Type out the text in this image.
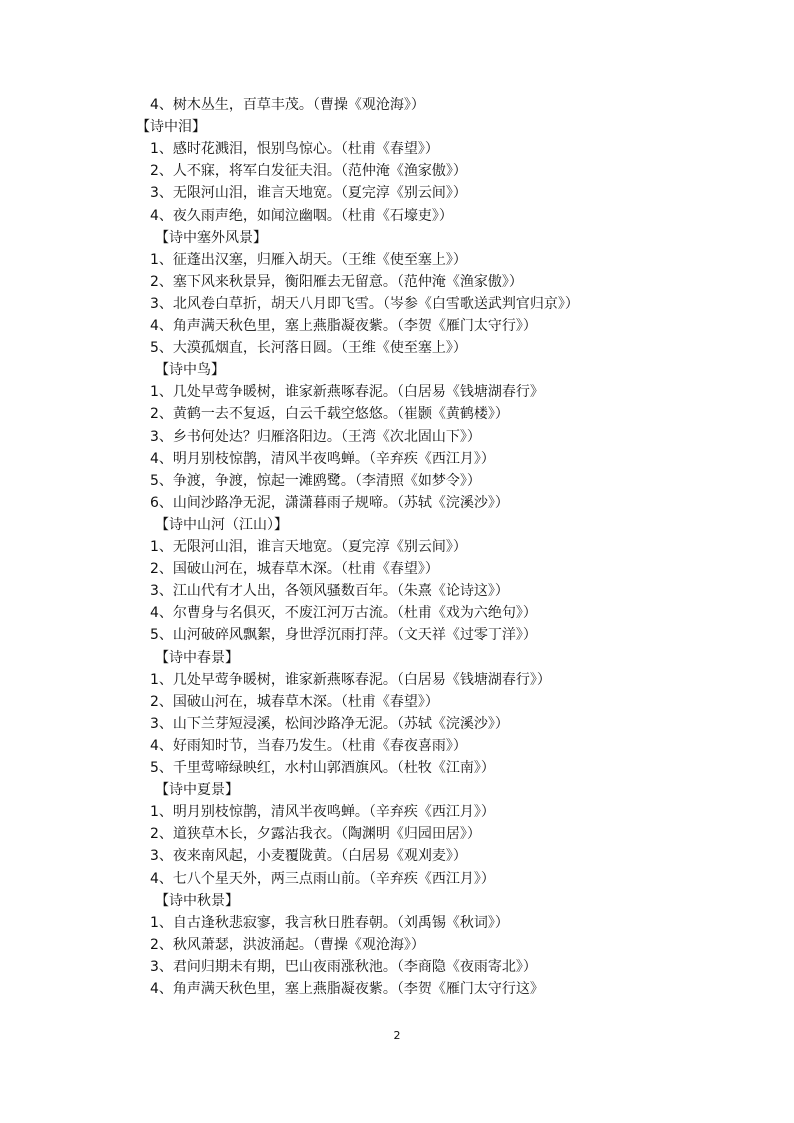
4、树木丛生，百草丰茂。（曹操《观沧海》）
【诗中泪】
1、感时花溅泪，恨别鸟惊心。（杜甫《春望》）
2、人不寐，将军白发征夫泪。（范仲淹《渔家傲》）
3、无限河山泪，谁言天地宽。（夏完淳《别云间》）
4、夜久雨声绝，如闻泣幽咽。（杜甫《石壕吏》）
【诗中塞外风景】
1、征蓬出汉塞，归雁入胡天。（王维《使至塞上》）
2、塞下风来秋景异，衡阳雁去无留意。（范仲淹《渔家傲》）
3、北风卷白草折，胡天八月即飞雪。（岑参《白雪歌送武判官归京》）
4、角声满天秋色里，塞上燕脂凝夜紫。（李贺《雁门太守行》）
5、大漠孤烟直，长河落日圆。（王维《使至塞上》）
【诗中鸟】
1、几处早莺争暖树，谁家新燕啄春泥。（白居易《钱塘湖春行》
2、黄鹤一去不复返，白云千载空悠悠。（崔颢《黄鹤楼》）
3、乡书何处达？归雁洛阳边。（王湾《次北固山下》）
4、明月别枝惊鹊，清风半夜鸣蝉。（辛弃疾《西江月》）
5、争渡，争渡，惊起一滩鸥鹭。（李清照《如梦令》）
6、山间沙路净无泥，潇潇暮雨子规啼。（苏轼《浣溪沙》）
【诗中山河（江山）】
1、无限河山泪，谁言天地宽。（夏完淳《别云间》）
2、国破山河在，城春草木深。（杜甫《春望》）
3、江山代有才人出，各领风骚数百年。（朱熹《论诗这》）
4、尔曹身与名俱灭，不废江河万古流。（杜甫《戏为六绝句》）
5、山河破碎风飘絮，身世浮沉雨打萍。（文天祥《过零丁洋》）
【诗中春景】
1、几处早莺争暖树，谁家新燕啄春泥。（白居易《钱塘湖春行》）
2、国破山河在，城春草木深。（杜甫《春望》）
3、山下兰芽短浸溪，松间沙路净无泥。（苏轼《浣溪沙》）
4、好雨知时节，当春乃发生。（杜甫《春夜喜雨》）
5、千里莺啼绿映红，水村山郭酒旗风。（杜牧《江南》）
【诗中夏景】
1、明月别枝惊鹊，清风半夜鸣蝉。（辛弃疾《西江月》）
2、道狭草木长，夕露沾我衣。（陶渊明《归园田居》）
3、夜来南风起，小麦覆陇黄。（白居易《观刈麦》）
4、七八个星天外，两三点雨山前。（辛弃疾《西江月》）
【诗中秋景】
1、自古逢秋悲寂寥，我言秋日胜春朝。（刘禹锡《秋词》）
2、秋风萧瑟，洪波涌起。（曹操《观沧海》）
3、君问归期未有期，巴山夜雨涨秋池。（李商隐《夜雨寄北》）
4、角声满天秋色里，塞上燕脂凝夜紫。（李贺《雁门太守行这》
2
